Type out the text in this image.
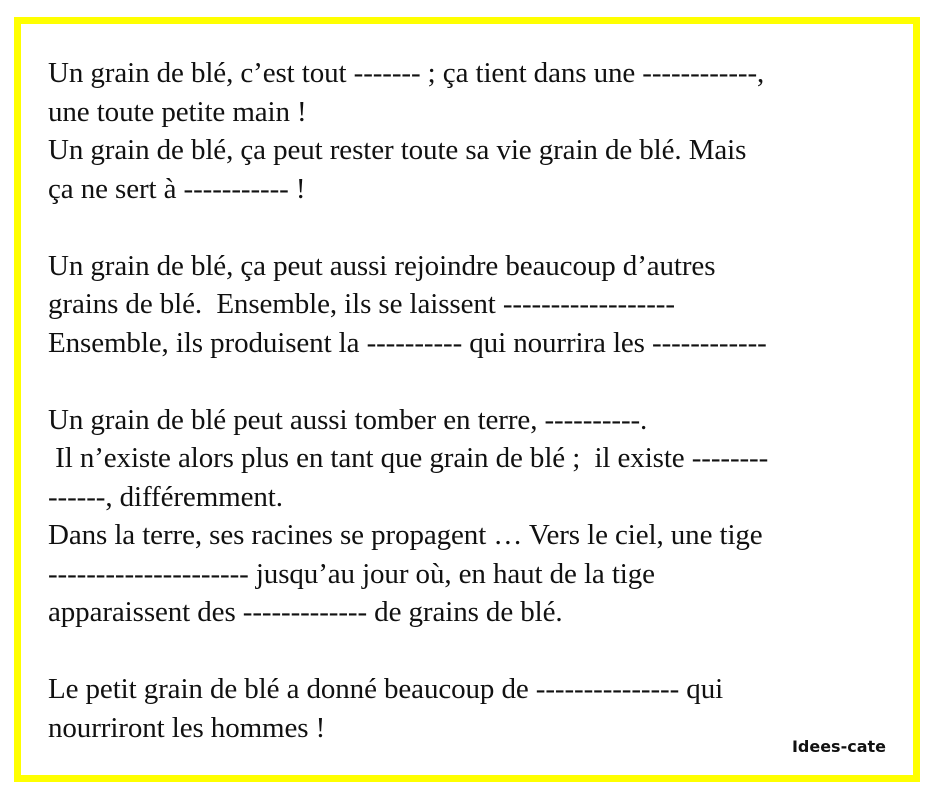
Un grain de blé, c’est tout ------- ; ça tient dans une ------------,
une toute petite main !
Un grain de blé, ça peut rester toute sa vie grain de blé. Mais
ça ne sert à ----------- !
Un grain de blé, ça peut aussi rejoindre beaucoup d’autres
grains de blé.  Ensemble, ils se laissent ------------------
Ensemble, ils produisent la ---------- qui nourrira les ------------
Un grain de blé peut aussi tomber en terre, ----------.
Il n’existe alors plus en tant que grain de blé ;  il existe --------
------, différemment.
Dans la terre, ses racines se propagent … Vers le ciel, une tige
--------------------- jusqu’au jour où, en haut de la tige
apparaissent des ------------- de grains de blé.
Le petit grain de blé a donné beaucoup de --------------- qui
nourriront les hommes !
Idees-cate
